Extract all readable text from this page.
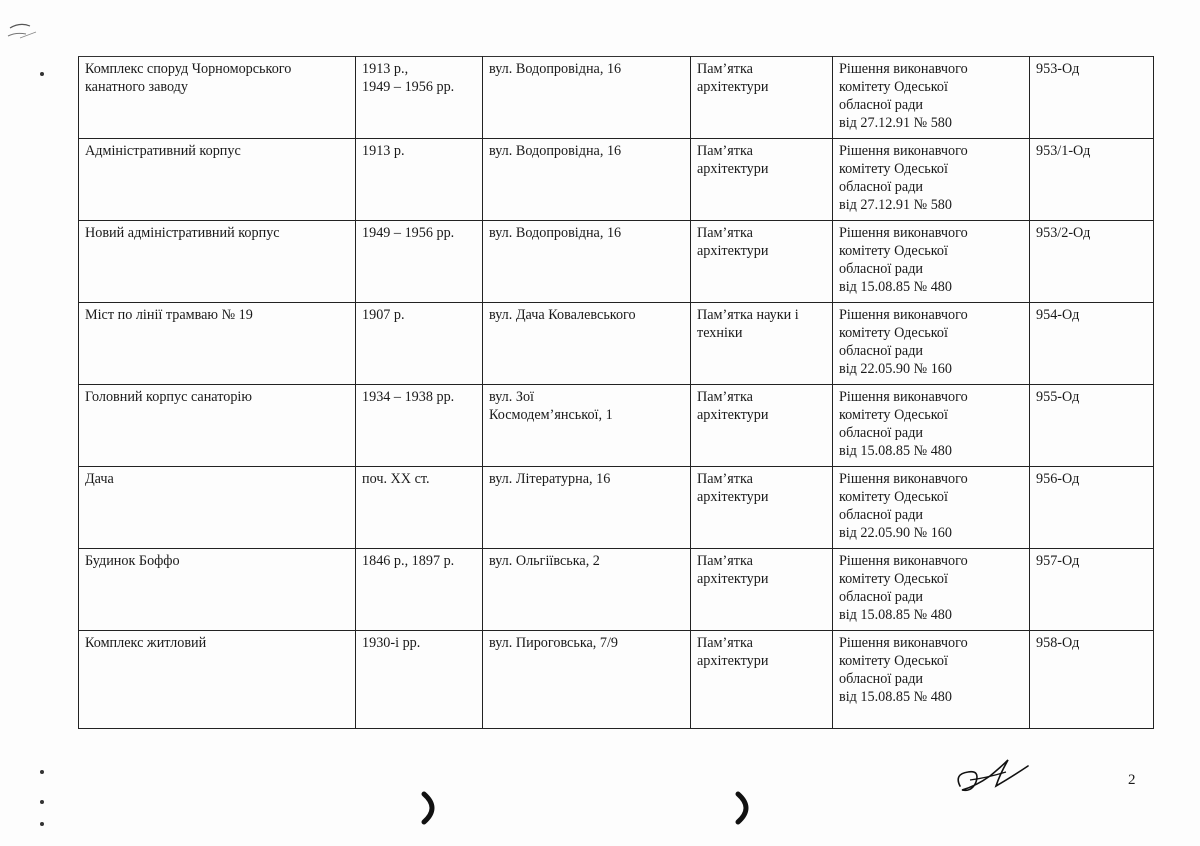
Комплекс споруд Чорноморського
канатного заводу	1913 р.,
1949 – 1956 рр.	вул. Водопровідна, 16	Пам’ятка
архітектури	Рішення виконавчого
комітету Одеської
обласної ради
від 27.12.91 № 580	953-Од

Адміністративний корпус	1913 р.	вул. Водопровідна, 16	Пам’ятка
архітектури	Рішення виконавчого
комітету Одеської
обласної ради
від 27.12.91 № 580	953/1-Од

Новий адміністративний корпус	1949 – 1956 рр.	вул. Водопровідна, 16	Пам’ятка
архітектури	Рішення виконавчого
комітету Одеської
обласної ради
від 15.08.85 № 480	953/2-Од

Міст по лінії трамваю № 19	1907 р.	вул. Дача Ковалевського	Пам’ятка науки і
техніки	Рішення виконавчого
комітету Одеської
обласної ради
від 22.05.90 № 160	954-Од

Головний корпус санаторію	1934 – 1938 рр.	вул. Зої
Космодем’янської, 1	Пам’ятка
архітектури	Рішення виконавчого
комітету Одеської
обласної ради
від 15.08.85 № 480	955-Од

Дача	поч. ХХ ст.	вул. Літературна, 16	Пам’ятка
архітектури	Рішення виконавчого
комітету Одеської
обласної ради
від 22.05.90 № 160	956-Од

Будинок Боффо	1846 р., 1897 р.	вул. Ольгіївська, 2	Пам’ятка
архітектури	Рішення виконавчого
комітету Одеської
обласної ради
від 15.08.85 № 480	957-Од

Комплекс житловий	1930-і рр.	вул. Пироговська, 7/9	Пам’ятка
архітектури	Рішення виконавчого
комітету Одеської
обласної ради
від 15.08.85 № 480	958-Од
2
